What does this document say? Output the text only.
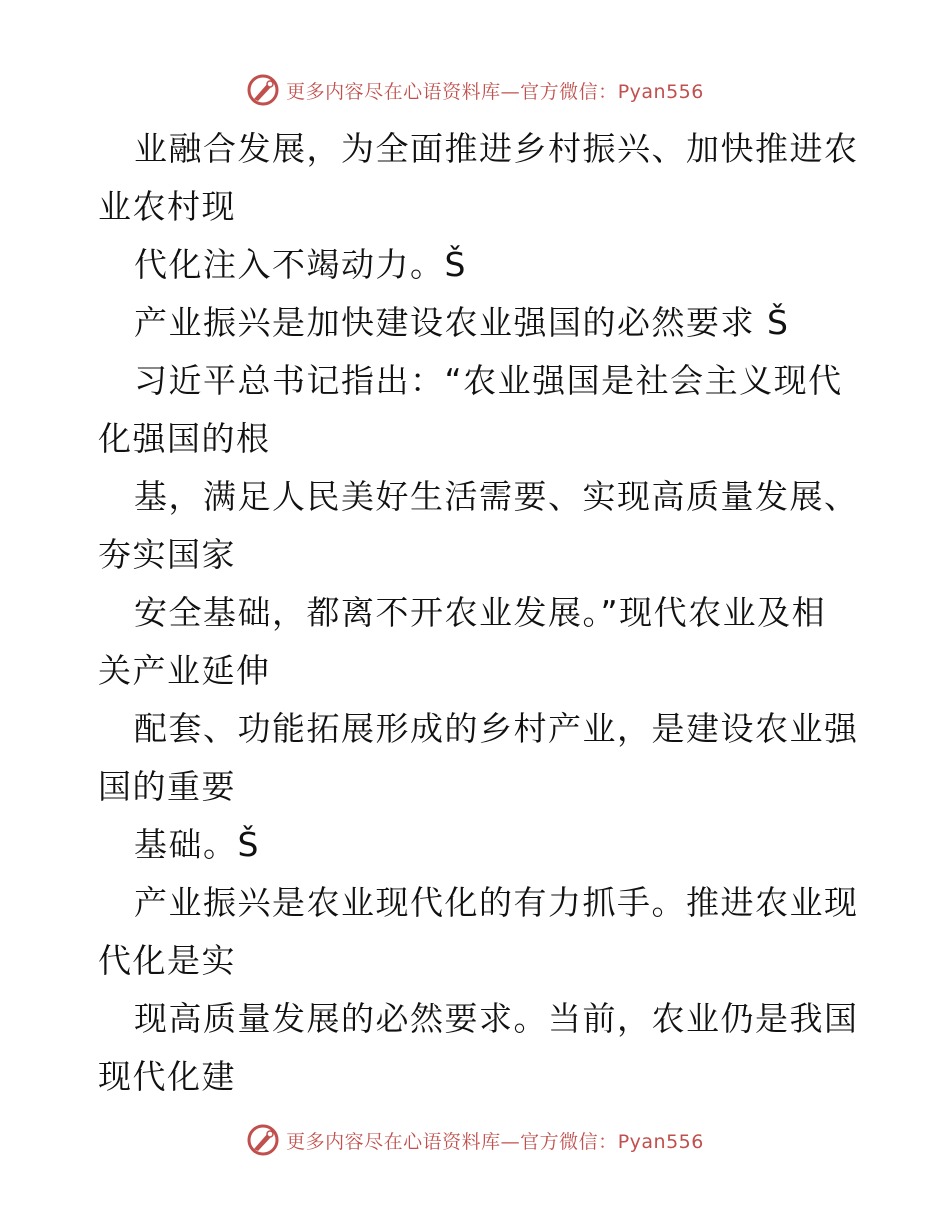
更多内容尽在心语资料库—官方微信：Pyan556
业融合发展，为全面推进乡村振兴、加快推进农
业农村现
代化注入不竭动力。Š
产业振兴是加快建设农业强国的必然要求 Š
习近平总书记指出：“农业强国是社会主义现代
化强国的根
基，满足人民美好生活需要、实现高质量发展、
夯实国家
安全基础，都离不开农业发展。”现代农业及相
关产业延伸
配套、功能拓展形成的乡村产业，是建设农业强
国的重要
基础。Š
产业振兴是农业现代化的有力抓手。推进农业现
代化是实
现高质量发展的必然要求。当前，农业仍是我国
现代化建
更多内容尽在心语资料库—官方微信：Pyan556
